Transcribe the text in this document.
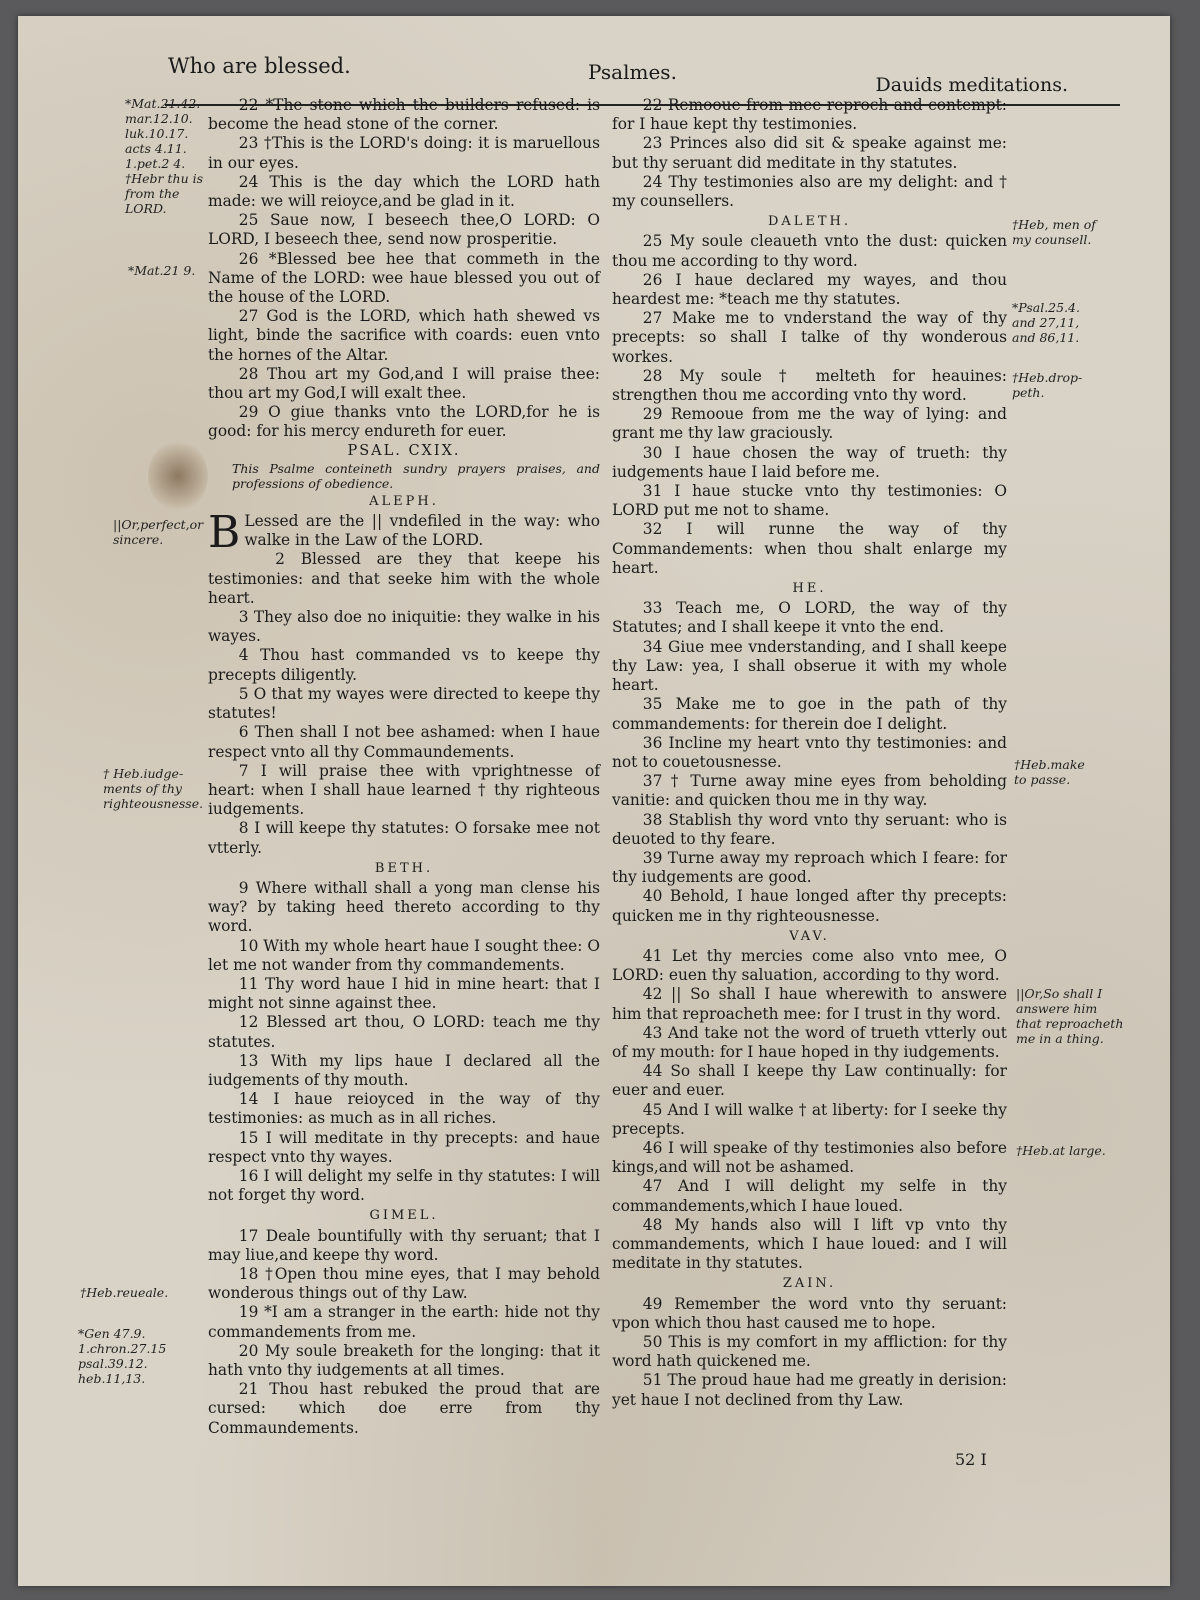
Who are blessed.	Psalmes.
Dauids meditations.
*Mat.21.42.
mar.12.10.
luk.10.17.
acts 4.11.
1.pet.2 4.
†Hebr thu is
from the
LORD.
*Mat.21 9.
||Or,perfect,or
sincere.
† Heb.iudge-
ments of thy
righteousnesse.
†Heb.reueale.
*Gen 47.9.
1.chron.27.15
psal.39.12.
heb.11,13.
†Heb, men of
my counsell.
*Psal.25.4.
and 27,11,
and 86,11.
†Heb.drop-
peth.
†Heb.make
to passe.
||Or,So shall I
answere him
that reproacheth
me in a thing.
†Heb.at large.

22 *The stone which the builders refused: is become the head stone of the corner.

23 †This is the LORD's doing: it is maruellous in our eyes.

24 This is the day which the LORD hath made: we will reioyce,and be glad in it.

25 Saue now, I beseech thee,O LORD: O LORD, I beseech thee, send now prosperitie.

26 *Blessed bee hee that commeth in the Name of the LORD: wee haue blessed you out of the house of the LORD.

27 God is the LORD, which hath shewed vs light, binde the sacrifice with coards: euen vnto the hornes of the Altar.

28 Thou art my God,and I will praise thee: thou art my God,I will exalt thee.

29 O giue thanks vnto the LORD,for he is good: for his mercy endureth for euer.

PSAL. CXIX.

This Psalme conteineth sundry prayers praises, and professions of obedience.

ALEPH.

B Lessed are the || vndefiled in the way: who walke in the Law of the LORD.

2 Blessed are they that keepe his testimonies: and that seeke him with the whole heart.

3 They also doe no iniquitie: they walke in his wayes.

4 Thou hast commanded vs to keepe thy precepts diligently.

5 O that my wayes were directed to keepe thy statutes!

6 Then shall I not bee ashamed: when I haue respect vnto all thy Commaundements.

7 I will praise thee with vprightnesse of heart: when I shall haue learned † thy righteous iudgements.

8 I will keepe thy statutes: O forsake mee not vtterly.

BETH.

9 Where withall shall a yong man clense his way? by taking heed thereto according to thy word.

10 With my whole heart haue I sought thee: O let me not wander from thy commandements.

11 Thy word haue I hid in mine heart: that I might not sinne against thee.

12 Blessed art thou, O LORD: teach me thy statutes.

13 With my lips haue I declared all the iudgements of thy mouth.

14 I haue reioyced in the way of thy testimonies: as much as in all riches.

15 I will meditate in thy precepts: and haue respect vnto thy wayes.

16 I will delight my selfe in thy statutes: I will not forget thy word.

GIMEL.

17 Deale bountifully with thy seruant; that I may liue,and keepe thy word.

18 †Open thou mine eyes, that I may behold wonderous things out of thy Law.

19 *I am a stranger in the earth: hide not thy commandements from me.

20 My soule breaketh for the longing: that it hath vnto thy iudgements at all times.

21 Thou hast rebuked the proud that are cursed: which doe erre from thy Commaundements.

22 Remooue from mee reproch and contempt: for I haue kept thy testimonies.

23 Princes also did sit & speake against me: but thy seruant did meditate in thy statutes.

24 Thy testimonies also are my delight: and † my counsellers.

DALETH.

25 My soule cleaueth vnto the dust: quicken thou me according to thy word.

26 I haue declared my wayes, and thou heardest me: *teach me thy statutes.

27 Make me to vnderstand the way of thy precepts: so shall I talke of thy wonderous workes.

28 My soule † melteth for heauines: strengthen thou me according vnto thy word.

29 Remooue from me the way of lying: and grant me thy law graciously.

30 I haue chosen the way of trueth: thy iudgements haue I laid before me.

31 I haue stucke vnto thy testimonies: O LORD put me not to shame.

32 I will runne the way of thy Commandements: when thou shalt enlarge my heart.

HE.

33 Teach me, O LORD, the way of thy Statutes; and I shall keepe it vnto the end.

34 Giue mee vnderstanding, and I shall keepe thy Law: yea, I shall obserue it with my whole heart.

35 Make me to goe in the path of thy commandements: for therein doe I delight.

36 Incline my heart vnto thy testimonies: and not to couetousnesse.

37 † Turne away mine eyes from beholding vanitie: and quicken thou me in thy way.

38 Stablish thy word vnto thy seruant: who is deuoted to thy feare.

39 Turne away my reproach which I feare: for thy iudgements are good.

40 Behold, I haue longed after thy precepts: quicken me in thy righteousnesse.

VAV.

41 Let thy mercies come also vnto mee, O LORD: euen thy saluation, according to thy word.

42 || So shall I haue wherewith to answere him that reproacheth mee: for I trust in thy word.

43 And take not the word of trueth vtterly out of my mouth: for I haue hoped in thy iudgements.

44 So shall I keepe thy Law continually: for euer and euer.

45 And I will walke † at liberty: for I seeke thy precepts.

46 I will speake of thy testimonies also before kings,and will not be ashamed.

47 And I will delight my selfe in thy commandements,which I haue loued.

48 My hands also will I lift vp vnto thy commandements, which I haue loued: and I will meditate in thy statutes.

ZAIN.

49 Remember the word vnto thy seruant: vpon which thou hast caused me to hope.

50 This is my comfort in my affliction: for thy word hath quickened me.

51 The proud haue had me greatly in derision: yet haue I not declined from thy Law.

52 I
